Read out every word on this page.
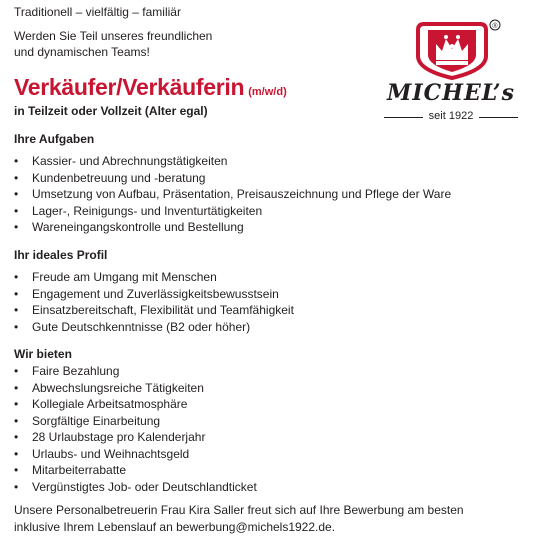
Traditionell – vielfältig – familiär

Werden Sie Teil unseres freundlichen

und dynamischen Teams!

Verkäufer/Verkäuferin (m/w/d)
in Teilzeit oder Vollzeit (Alter egal)
®
MICHEL’s
seit 1922
Ihre Aufgaben
• Kassier- und Abrechnungstätigkeiten
• Kundenbetreuung und -beratung
• Umsetzung von Aufbau, Präsentation, Preisauszeichnung und Pflege der Ware
• Lager-, Reinigungs- und Inventurtätigkeiten
• Wareneingangskontrolle und Bestellung
Ihr ideales Profil
• Freude am Umgang mit Menschen
• Engagement und Zuverlässigkeitsbewusstsein
• Einsatzbereitschaft, Flexibilität und Teamfähigkeit
• Gute Deutschkenntnisse (B2 oder höher)
Wir bieten
• Faire Bezahlung
• Abwechslungsreiche Tätigkeiten
• Kollegiale Arbeitsatmosphäre
• Sorgfältige Einarbeitung
• 28 Urlaubstage pro Kalenderjahr
• Urlaubs- und Weihnachtsgeld
• Mitarbeiterrabatte
• Vergünstigtes Job- oder Deutschlandticket

Unsere Personalbetreuerin Frau Kira Saller freut sich auf Ihre Bewerbung am besten

inklusive Ihrem Lebenslauf an bewerbung@michels1922.de.
